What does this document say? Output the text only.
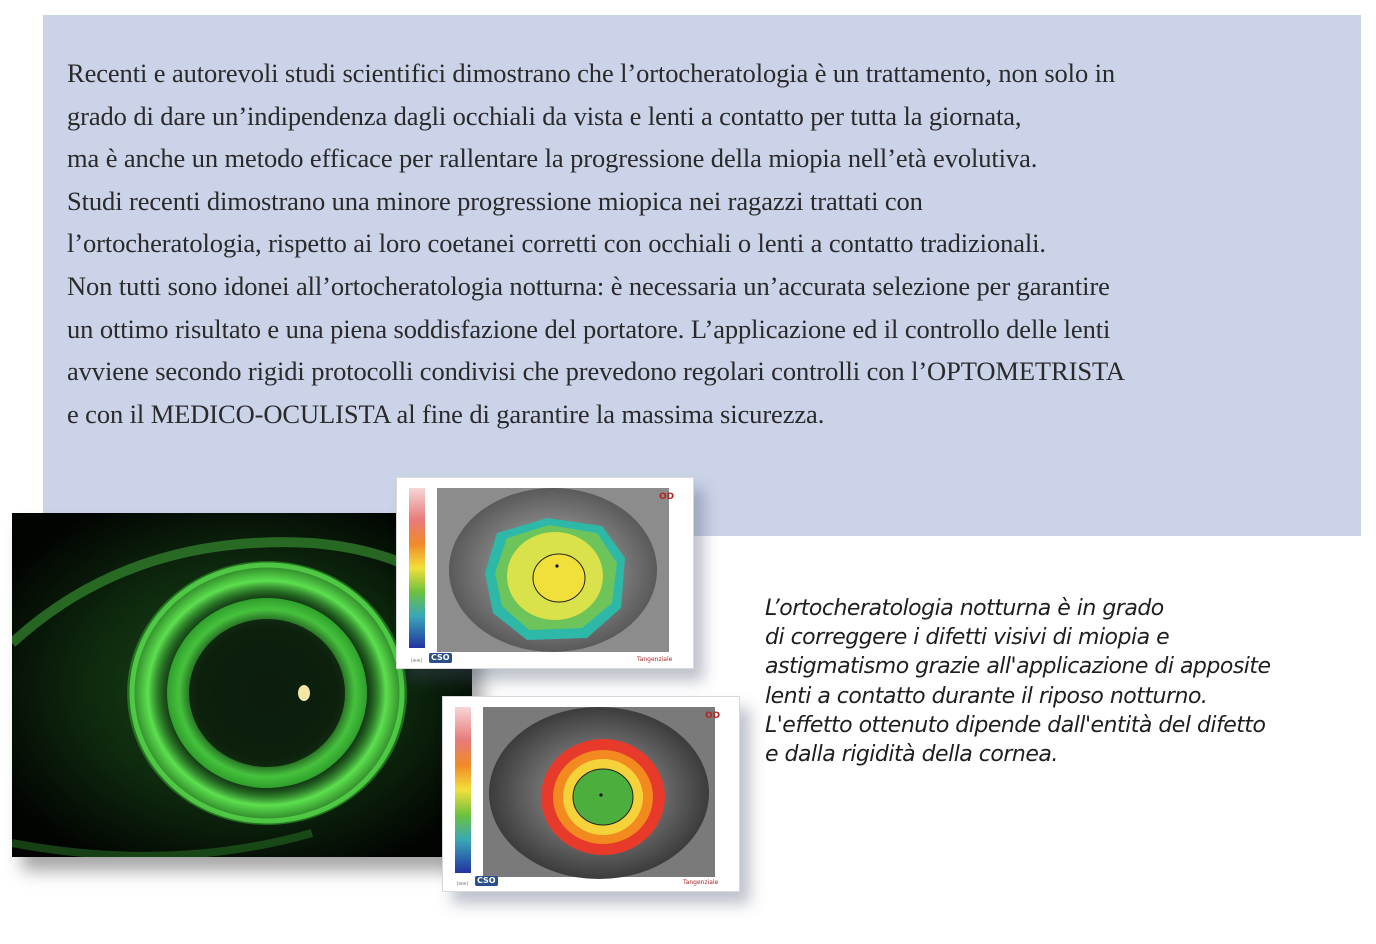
Recenti e autorevoli studi scientifici dimostrano che l’ortocheratologia è un trattamento, non solo in
grado di dare un’indipendenza dagli occhiali da vista e lenti a contatto per tutta la giornata,
ma è anche un metodo efficace per rallentare la progressione della miopia nell’età evolutiva.
Studi recenti dimostrano una minore progressione miopica nei ragazzi trattati con
l’ortocheratologia, rispetto ai loro coetanei corretti con occhiali o lenti a contatto tradizionali.
Non tutti sono idonei all’ortocheratologia notturna: è necessaria un’accurata selezione per garantire
un ottimo risultato e una piena soddisfazione del portatore. L’applicazione ed il controllo delle lenti
avviene secondo rigidi protocolli condivisi che prevedono regolari controlli con l’OPTOMETRISTA
e con il MEDICO-OCULISTA al fine di garantire la massima sicurezza.

OD
Tangenziale
CSO
[mm]
OD
Tangenziale
CSO
[mm]
L’ortocheratologia notturna è in grado
di correggere i difetti visivi di miopia e
astigmatismo grazie all'applicazione di apposite
lenti a contatto durante il riposo notturno.
L'effetto ottenuto dipende dall'entità del difetto
e dalla rigidità della cornea.
